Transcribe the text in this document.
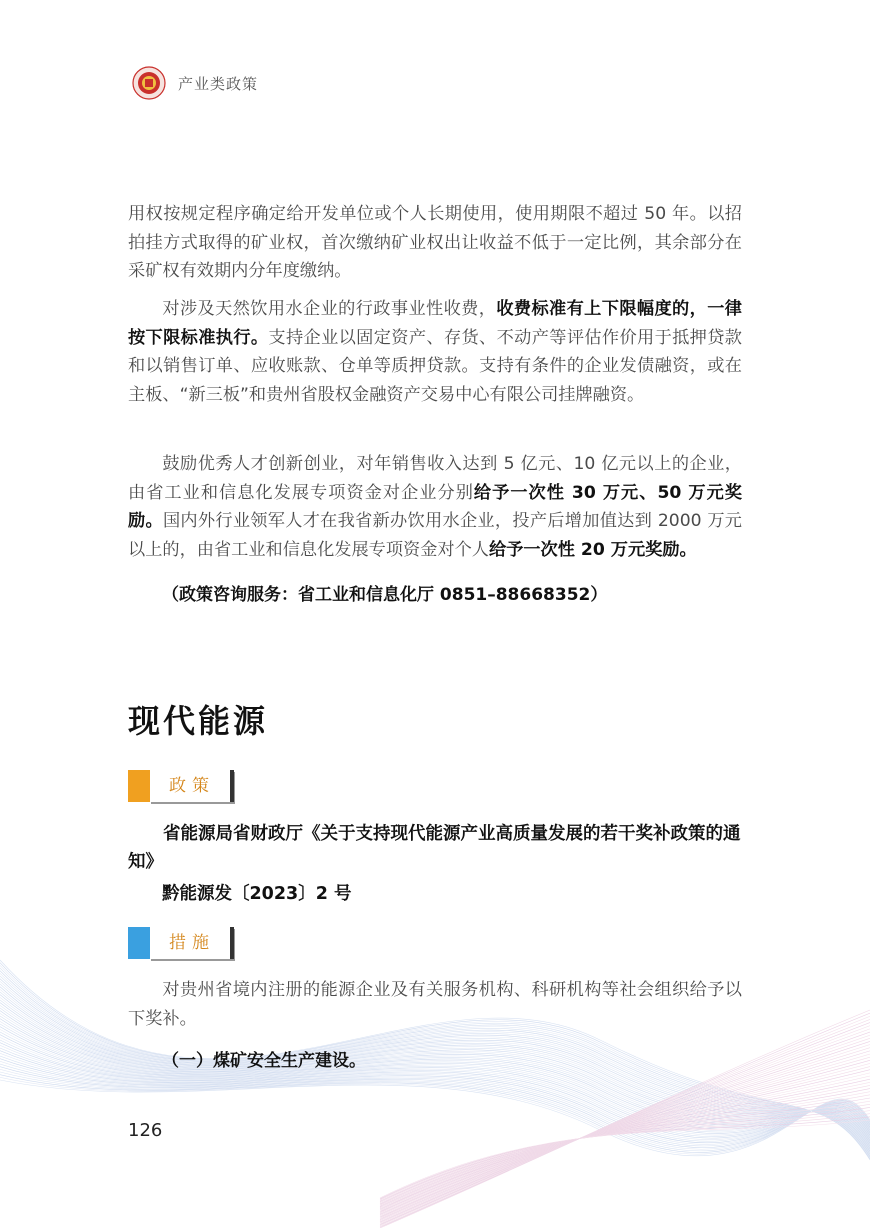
产业类政策

用权按规定程序确定给开发单位或个人长期使用，使用期限不超过 50 年。以招拍挂方式取得的矿业权，首次缴纳矿业权出让收益不低于一定比例，其余部分在采矿权有效期内分年度缴纳。

对涉及天然饮用水企业的行政事业性收费，收费标准有上下限幅度的，一律按下限标准执行。支持企业以固定资产、存货、不动产等评估作价用于抵押贷款和以销售订单、应收账款、仓单等质押贷款。支持有条件的企业发债融资，或在主板、“新三板”和贵州省股权金融资产交易中心有限公司挂牌融资。

鼓励优秀人才创新创业，对年销售收入达到 5 亿元、10 亿元以上的企业，由省工业和信息化发展专项资金对企业分别给予一次性 30 万元、50 万元奖励。国内外行业领军人才在我省新办饮用水企业，投产后增加值达到 2000 万元以上的，由省工业和信息化发展专项资金对个人给予一次性 20 万元奖励。

（政策咨询服务：省工业和信息化厅 0851–88668352）
现代能源
政策
省能源局省财政厅《关于支持现代能源产业高质量发展的若干奖补政策的通知》
黔能源发〔2023〕2 号
措施

对贵州省境内注册的能源企业及有关服务机构、科研机构等社会组织给予以下奖补。

（一）煤矿安全生产建设。
126
